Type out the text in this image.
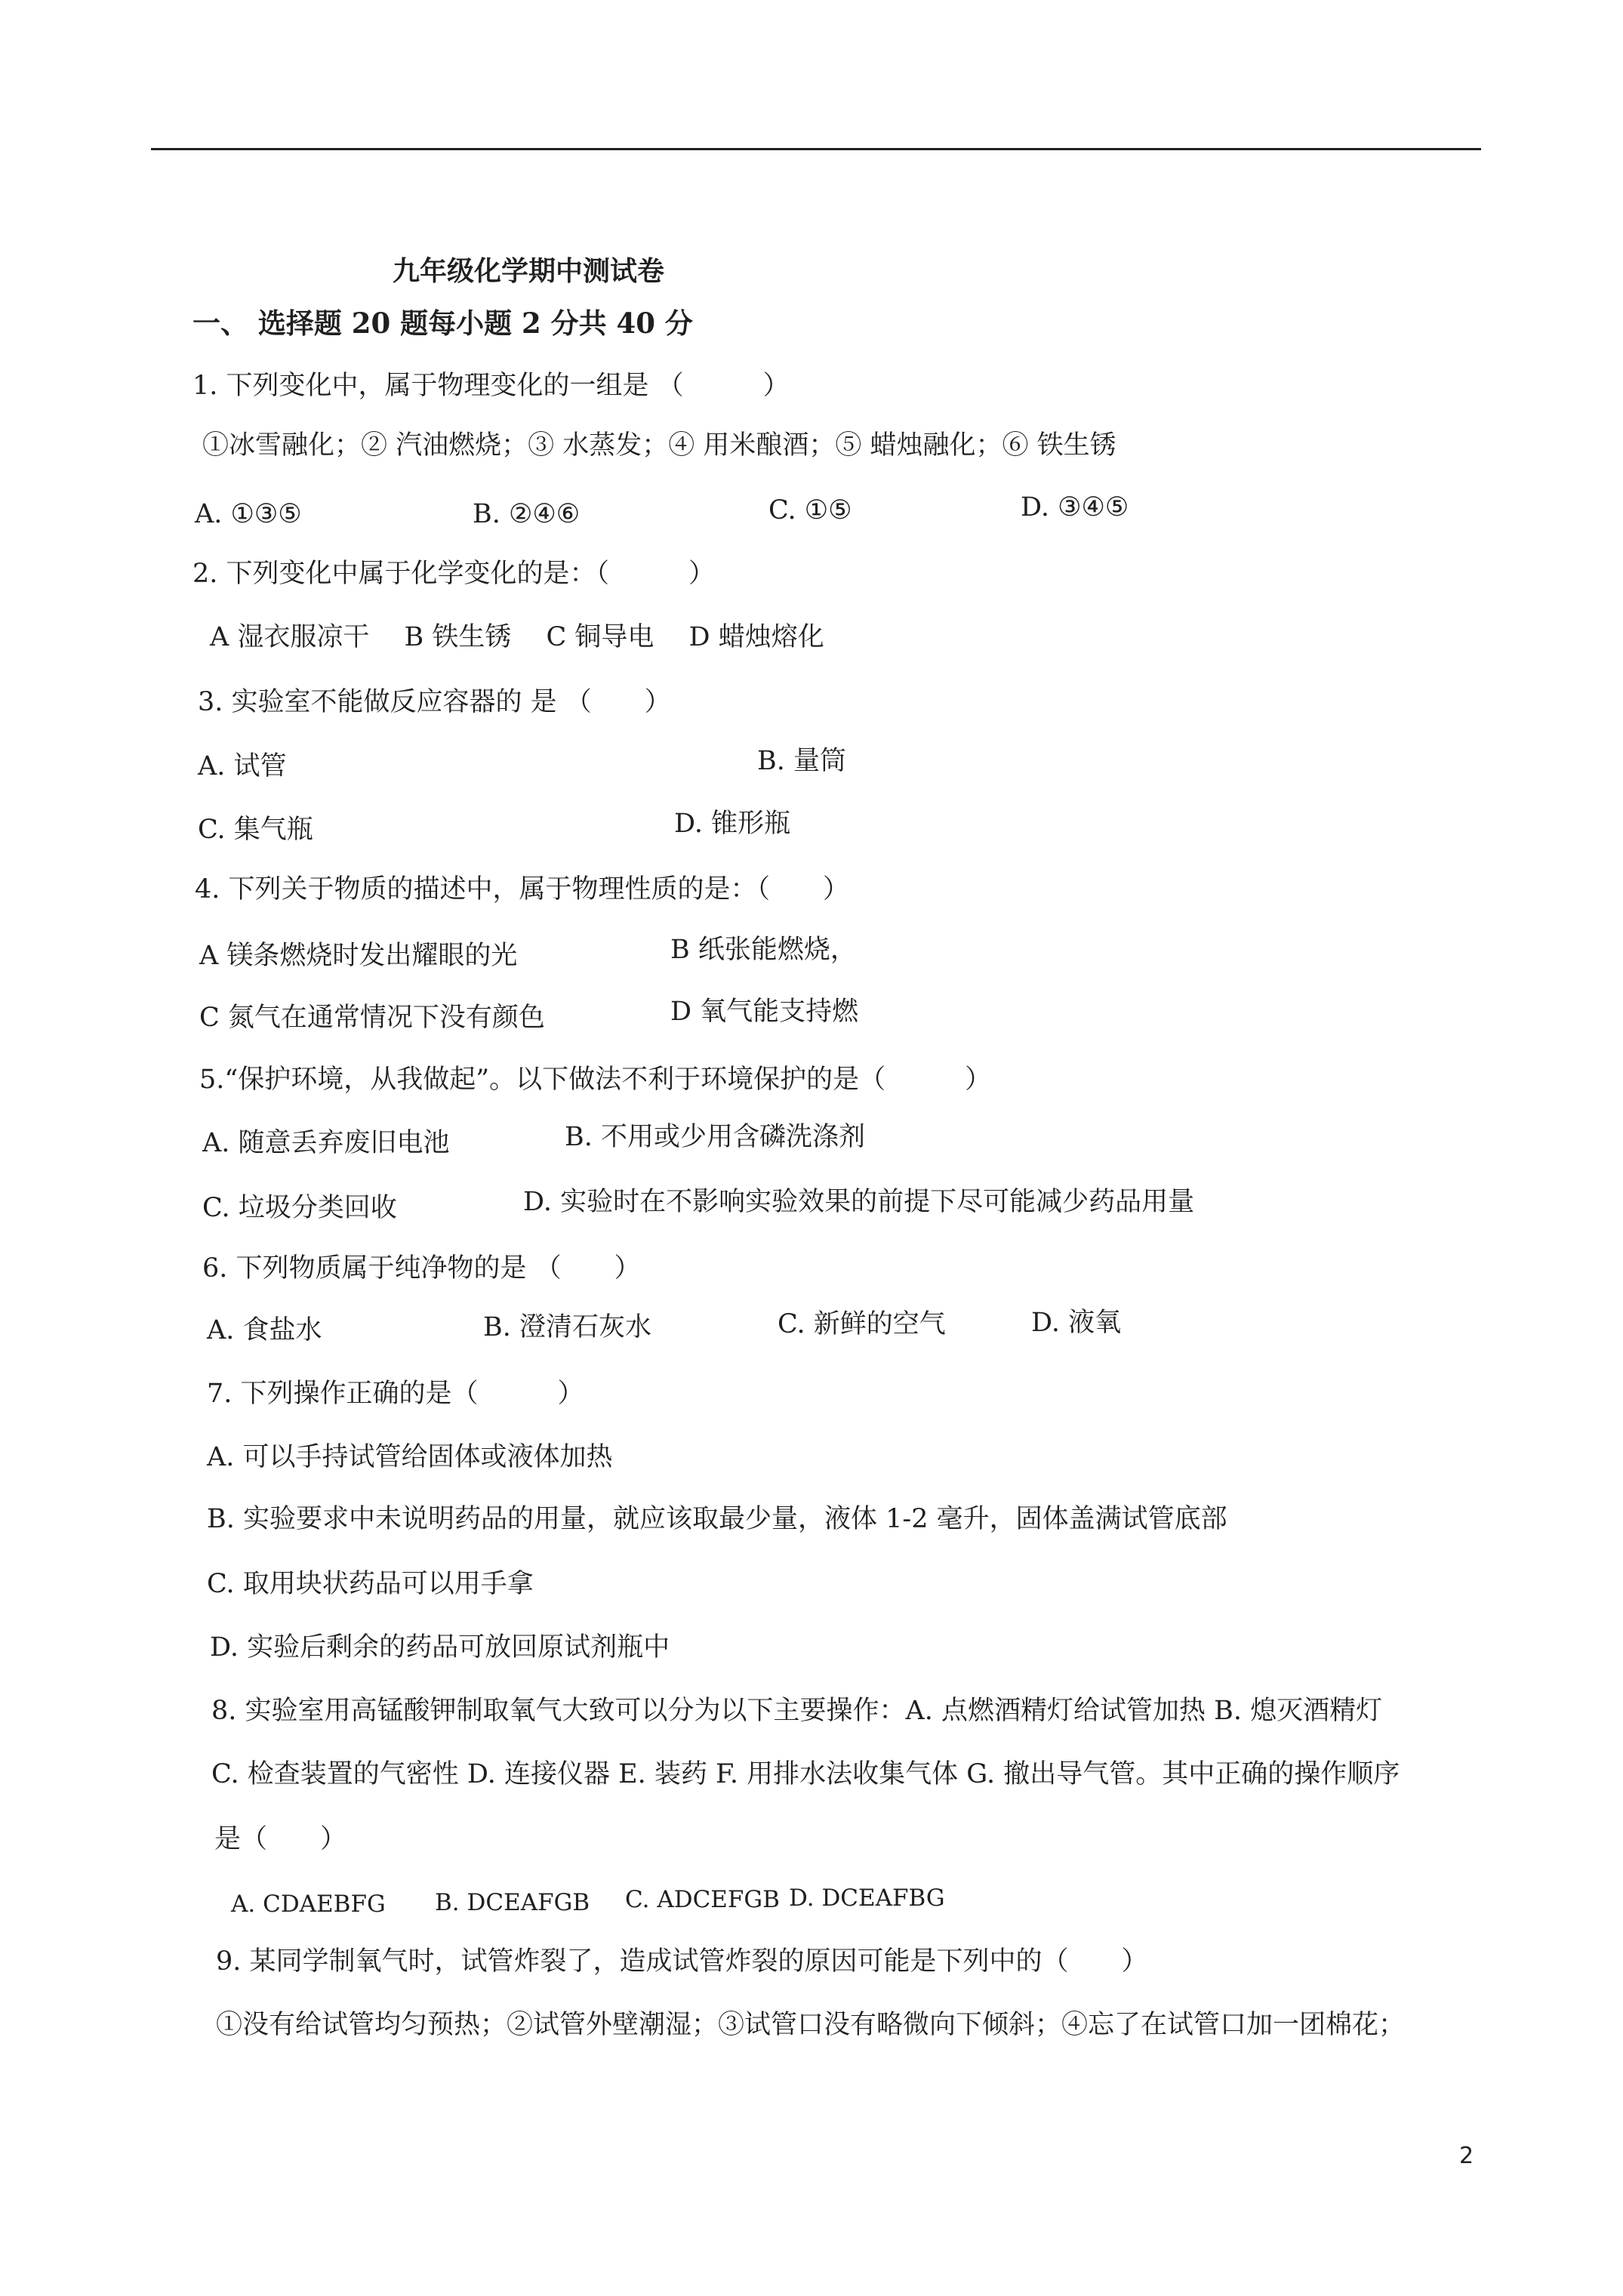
九年级化学期中测试卷
一、 选择题 20 题每小题 2 分共 40 分
1. 下列变化中，属于物理变化的一组是 （　　　）
①冰雪融化；② 汽油燃烧；③ 水蒸发；④ 用米酿酒；⑤ 蜡烛融化；⑥ 铁生锈
A. ①③⑤	B. ②④⑥	C. ①⑤	D. ③④⑤
2. 下列变化中属于化学变化的是：（　　　）
A 湿衣服凉干　 B 铁生锈　 C 铜导电　 D 蜡烛熔化
3. 实验室不能做反应容器的 是 （　　）
A. 试管	B. 量筒
C. 集气瓶	D. 锥形瓶
4. 下列关于物质的描述中，属于物理性质的是：（　　）
A 镁条燃烧时发出耀眼的光	B 纸张能燃烧，
C 氮气在通常情况下没有颜色	D 氧气能支持燃
5.“保护环境，从我做起”。以下做法不利于环境保护的是（　　　）
A. 随意丢弃废旧电池	B. 不用或少用含磷洗涤剂
C. 垃圾分类回收	D. 实验时在不影响实验效果的前提下尽可能减少药品用量
6. 下列物质属于纯净物的是 （　　）
A. 食盐水	B. 澄清石灰水	C. 新鲜的空气	D. 液氧
7. 下列操作正确的是（　　　）
A. 可以手持试管给固体或液体加热
B. 实验要求中未说明药品的用量，就应该取最少量，液体 1-2 毫升，固体盖满试管底部
C. 取用块状药品可以用手拿
D. 实验后剩余的药品可放回原试剂瓶中
8. 实验室用高锰酸钾制取氧气大致可以分为以下主要操作：A. 点燃酒精灯给试管加热 B. 熄灭酒精灯
C. 检查装置的气密性 D. 连接仪器 E. 装药 F. 用排水法收集气体 G. 撤出导气管。其中正确的操作顺序
是（　　）
A. CDAEBFG B. DCEAFGB C. ADCEFGB D. DCEAFBG
9. 某同学制氧气时，试管炸裂了，造成试管炸裂的原因可能是下列中的（　　）
①没有给试管均匀预热；②试管外壁潮湿；③试管口没有略微向下倾斜；④忘了在试管口加一团棉花；
2
